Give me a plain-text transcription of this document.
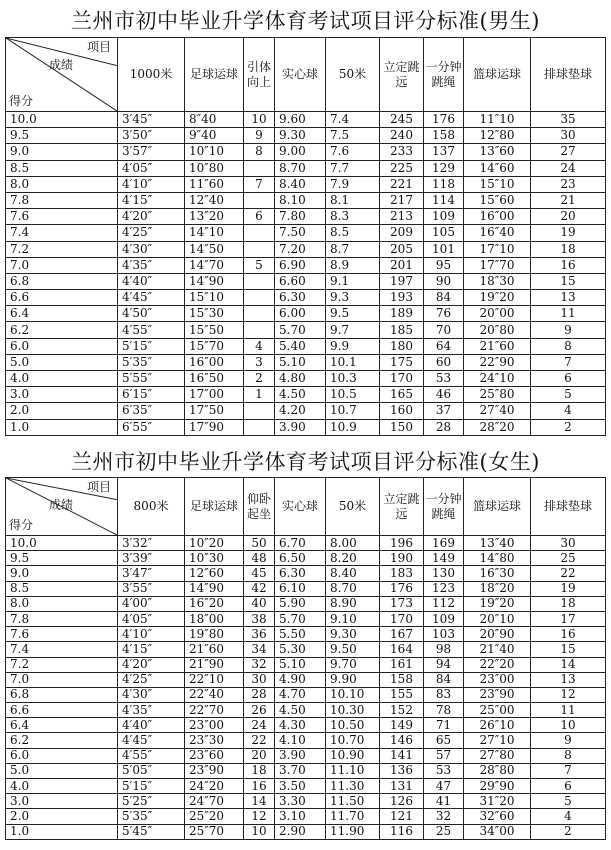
兰州市初中毕业升学体育考试项目评分标准(男生)
项目
成绩
得分	1000米	足球运球	引体向上	实心球	50米	立定跳远	一分钟跳绳	篮球运球	排球垫球
10.0	3′45″	8″40	10	9.60	7.4	245	176	11″10	35
9.5	3′50″	9″40	9	9.30	7.5	240	158	12″80	30
9.0	3′57″	10″10	8	9.00	7.6	233	137	13″60	27
8.5	4′05″	10″80		8.70	7.7	225	129	14″60	24
8.0	4′10″	11″60	7	8.40	7.9	221	118	15″10	23
7.8	4′15″	12″40		8.10	8.1	217	114	15″60	21
7.6	4′20″	13″20	6	7.80	8.3	213	109	16″00	20
7.4	4′25″	14″10		7.50	8.5	209	105	16″40	19
7.2	4′30″	14″50		7.20	8.7	205	101	17″10	18
7.0	4′35″	14″70	5	6.90	8.9	201	95	17″70	16
6.8	4′40″	14″90		6.60	9.1	197	90	18″30	15
6.6	4′45″	15″10		6.30	9.3	193	84	19″20	13
6.4	4′50″	15″30		6.00	9.5	189	76	20″00	11
6.2	4′55″	15″50		5.70	9.7	185	70	20″80	9
6.0	5′15″	15″70	4	5.40	9.9	180	64	21″60	8
5.0	5′35″	16″00	3	5.10	10.1	175	60	22″90	7
4.0	5′55″	16″50	2	4.80	10.3	170	53	24″10	6
3.0	6′15″	17″00	1	4.50	10.5	165	46	25″80	5
2.0	6′35″	17″50		4.20	10.7	160	37	27″40	4
1.0	6′55″	17″90		3.90	10.9	150	28	28″20	2
兰州市初中毕业升学体育考试项目评分标准(女生)
项目
成绩
得分	800米	足球运球	仰卧起坐	实心球	50米	立定跳远	一分钟跳绳	篮球运球	排球垫球
10.0	3′32″	10″20	50	6.70	8.00	196	169	13″40	30
9.5	3′39″	10″30	48	6.50	8.20	190	149	14″80	25
9.0	3′47″	12″60	45	6.30	8.40	183	130	16″30	22
8.5	3′55″	14″90	42	6.10	8.70	176	123	18″20	19
8.0	4′00″	16″20	40	5.90	8.90	173	112	19″20	18
7.8	4′05″	18″00	38	5.70	9.10	170	109	20″10	17
7.6	4′10″	19″80	36	5.50	9.30	167	103	20″90	16
7.4	4′15″	21″60	34	5.30	9.50	164	98	21″40	15
7.2	4′20″	21″90	32	5.10	9.70	161	94	22″20	14
7.0	4′25″	22″10	30	4.90	9.90	158	84	23″00	13
6.8	4′30″	22″40	28	4.70	10.10	155	83	23″90	12
6.6	4′35″	22″70	26	4.50	10.30	152	78	25″00	11
6.4	4′40″	23″00	24	4.30	10.50	149	71	26″10	10
6.2	4′45″	23″30	22	4.10	10.70	146	65	27″10	9
6.0	4′55″	23″60	20	3.90	10.90	141	57	27″80	8
5.0	5′05″	23″90	18	3.70	11.10	136	53	28″80	7
4.0	5′15″	24″20	16	3.50	11.30	131	47	29″90	6
3.0	5′25″	24″70	14	3.30	11.50	126	41	31″20	5
2.0	5′35″	25″20	12	3.10	11.70	121	32	32″60	4
1.0	5′45″	25″70	10	2.90	11.90	116	25	34″00	2
